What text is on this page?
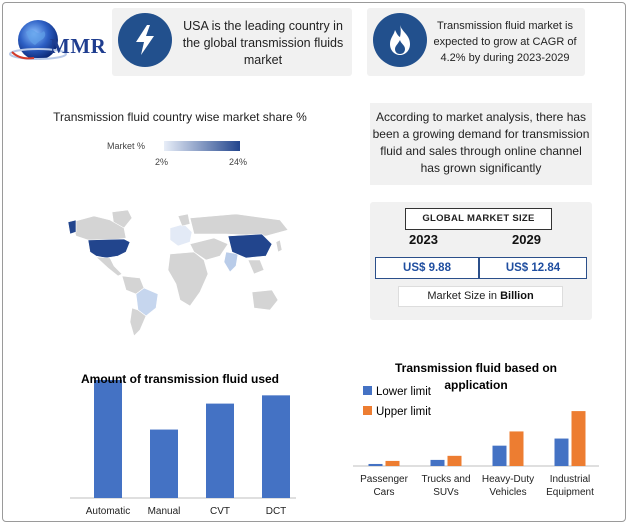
MMR
USA is the leading country in the global transmission fluids market
Transmission fluid market is expected to grow at CAGR of 4.2% by during 2023-2029
Transmission fluid country wise market share %
Market %
2%	24%
According to market analysis, there has been a growing demand for transmission fluid and sales through online channel has grown significantly
GLOBAL MARKET SIZE
2023	2029
US$ 9.88	US$ 12.84
Market Size in Billion
Automatic Manual	CVT	DCT
Amount of transmission fluid used
Transmission fluid based on
application
Lower limit
Upper limit
Passenger
Cars
Trucks and
SUVs
Heavy-Duty
Vehicles
Industrial
Equipment
